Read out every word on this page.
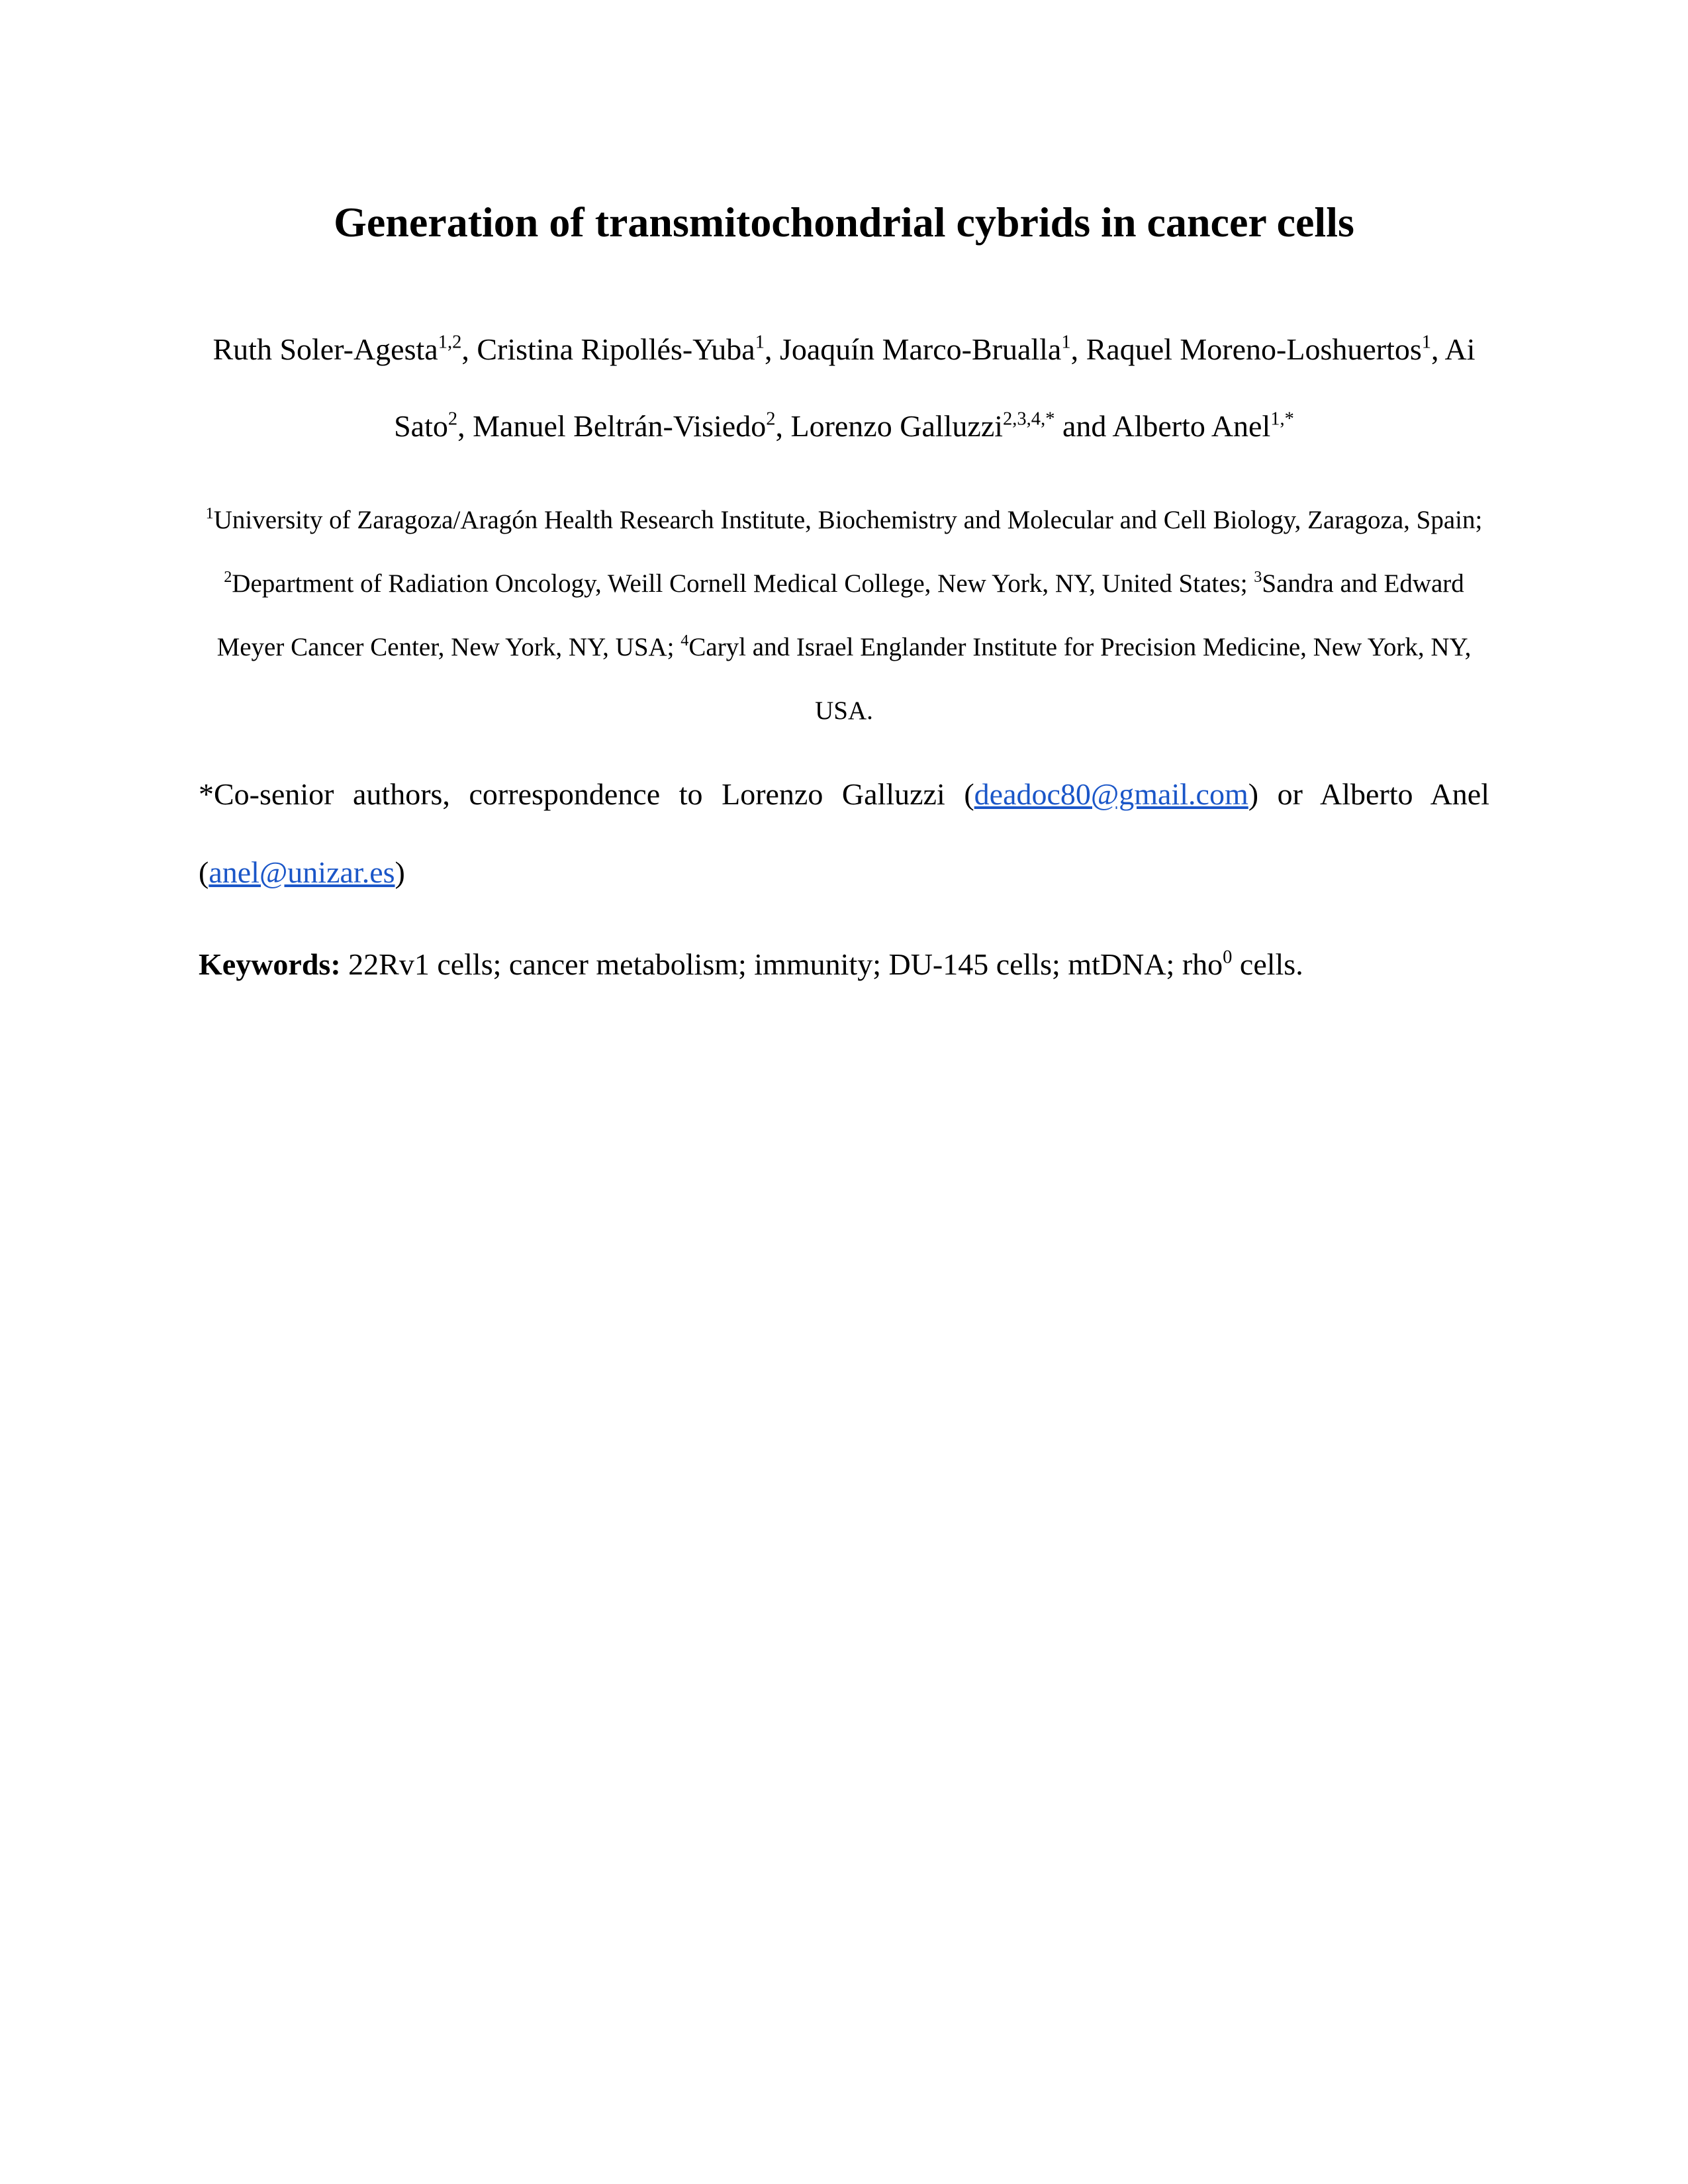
Generation of transmitochondrial cybrids in cancer cells
Ruth Soler-Agesta$^{1,2}$, Cristina Ripollés-Yuba$^1$, Joaquín Marco-Brualla$^1$, Raquel Moreno-Loshuertos$^1$, Ai Sato$^2$, Manuel Beltrán-Visiedo$^2$, Lorenzo Galluzzi$^{2,3,4,*}$ and Alberto Anel$^{1,*}$
$^1$University of Zaragoza/Aragón Health Research Institute, Biochemistry and Molecular and Cell Biology, Zaragoza, Spain; $^2$Department of Radiation Oncology, Weill Cornell Medical College, New York, NY, United States; $^3$Sandra and Edward Meyer Cancer Center, New York, NY, USA; $^4$Caryl and Israel Englander Institute for Precision Medicine, New York, NY, USA.
*Co-senior authors, correspondence to Lorenzo Galluzzi (deadoc80@gmail.com) or Alberto Anel (anel@unizar.es)
Keywords: 22Rv1 cells; cancer metabolism; immunity; DU-145 cells; mtDNA; rho$^0$ cells.
